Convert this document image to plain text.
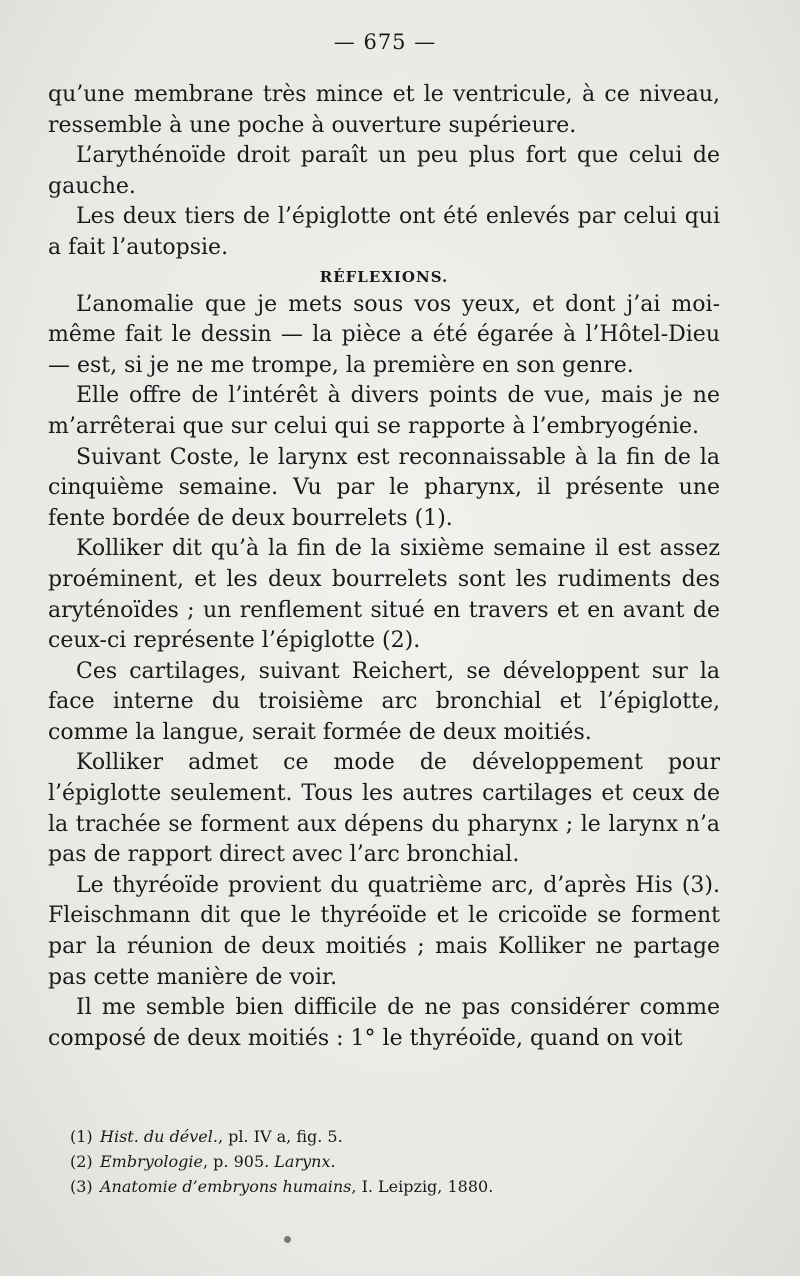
— 675 —

qu’une membrane très mince et le ventricule, à ce niveau, ressemble à une poche à ouverture supérieure.

L’arythénoïde droit paraît un peu plus fort que celui de gauche.

Les deux tiers de l’épiglotte ont été enlevés par celui qui a fait l’autopsie.

RÉFLEXIONS.

L’anomalie que je mets sous vos yeux, et dont j’ai moi-même fait le dessin — la pièce a été égarée à l’Hôtel-Dieu — est, si je ne me trompe, la première en son genre.

Elle offre de l’intérêt à divers points de vue, mais je ne m’arrêterai que sur celui qui se rapporte à l’embryogénie.

Suivant Coste, le larynx est reconnaissable à la fin de la cinquième semaine. Vu par le pharynx, il présente une fente bordée de deux bourrelets (1).

Kolliker dit qu’à la fin de la sixième semaine il est assez proéminent, et les deux bourrelets sont les rudiments des aryténoïdes ; un renflement situé en travers et en avant de ceux-ci représente l’épiglotte (2).

Ces cartilages, suivant Reichert, se développent sur la face interne du troisième arc bronchial et l’épiglotte, comme la langue, serait formée de deux moitiés.

Kolliker admet ce mode de développement pour l’épiglotte seulement. Tous les autres cartilages et ceux de la trachée se forment aux dépens du pharynx ; le larynx n’a pas de rapport direct avec l’arc bronchial.

Le thyréoïde provient du quatrième arc, d’après His (3). Fleischmann dit que le thyréoïde et le cricoïde se forment par la réunion de deux moitiés ; mais Kolliker ne partage pas cette manière de voir.

Il me semble bien difficile de ne pas considérer comme composé de deux moitiés : 1° le thyréoïde, quand on voit

(1) Hist. du dével., pl. IV a, fig. 5.
(2) Embryologie, p. 905. Larynx.
(3) Anatomie d’embryons humains, I. Leipzig, 1880.
